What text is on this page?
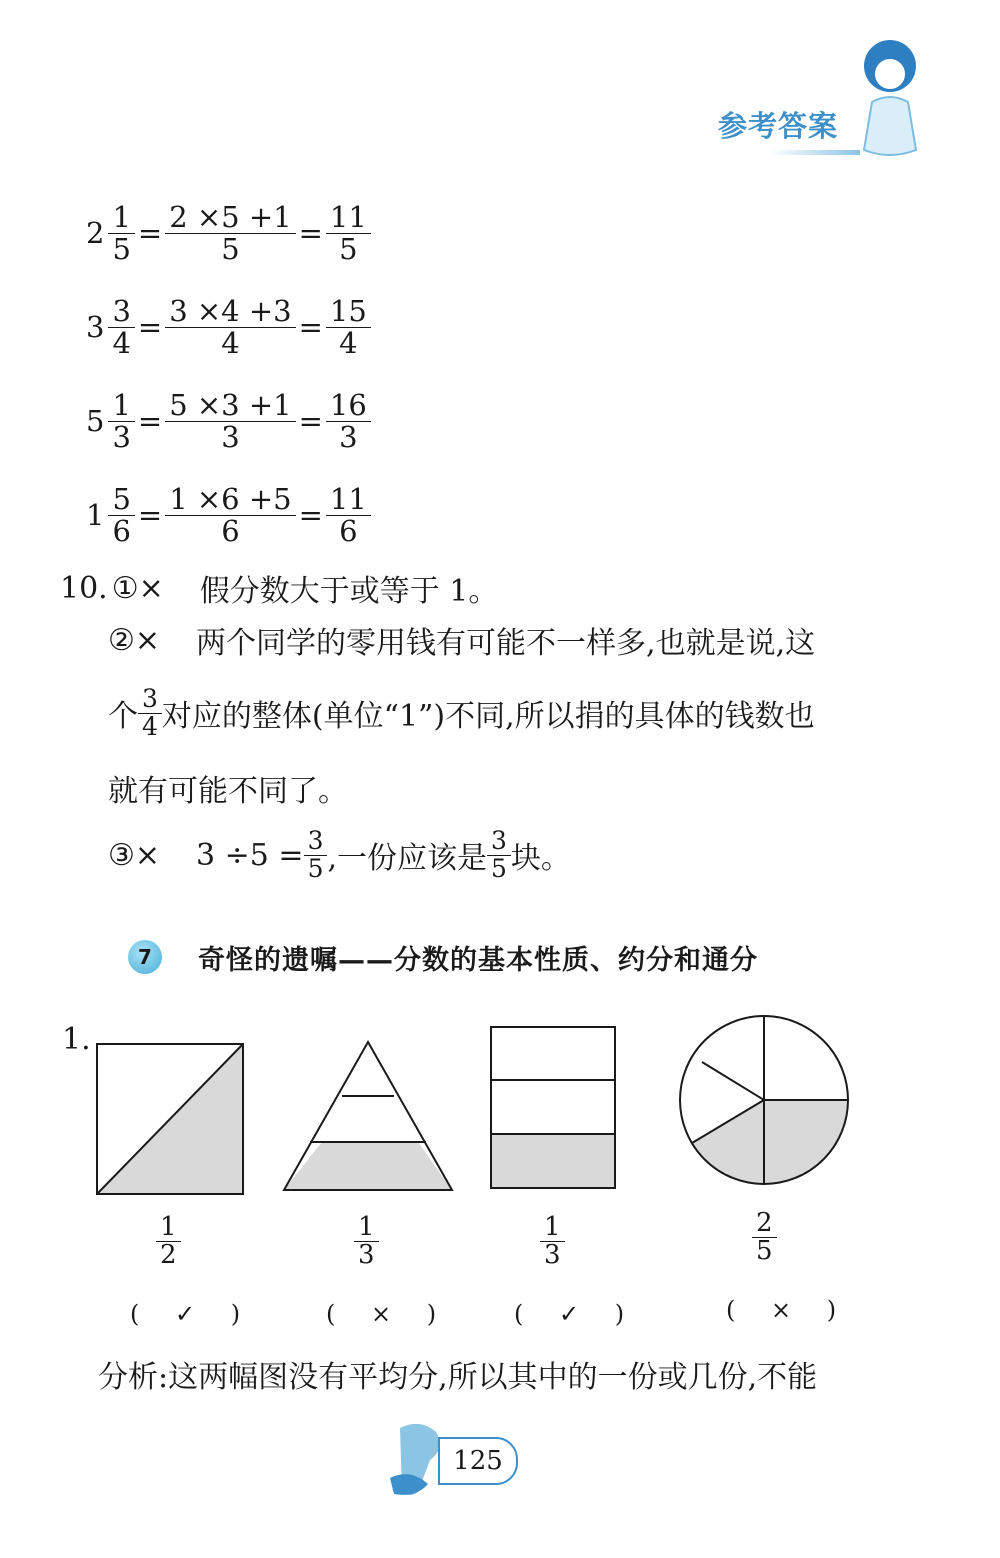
参考答案
$2 \frac{1}{5} = \frac{2 \times 5 +1}{5} = \frac{11}{5}$
$3 \frac{3}{4} = \frac{3 \times 4 +3}{4} = \frac{15}{4}$
$5 \frac{1}{3} = \frac{5 \times 3 +1}{3} = \frac{16}{3}$
$1 \frac{5}{6} = \frac{1 \times 6 +5}{6} = \frac{11}{6}$
10. ①× 假分数大于或等于 1。
②× 两个同学的零用钱有可能不一样多,也就是说,这
个 $\frac{3}{4}$ 对应的整体(单位“1”)不同,所以捐的具体的钱数也
就有可能不同了。
③× $3 \div 5 = \frac{3}{5}$ ,一份应该是 $\frac{3}{5}$ 块。
7	奇怪的遗嘱——分数的基本性质、约分和通分
1.
$\frac{1}{2}$	$\frac{1}{3}$	$\frac{1}{3}$	$\frac{2}{5}$
( ✓ )	( × )	( ✓ )	( × )
分析:这两幅图没有平均分,所以其中的一份或几份,不能
125
